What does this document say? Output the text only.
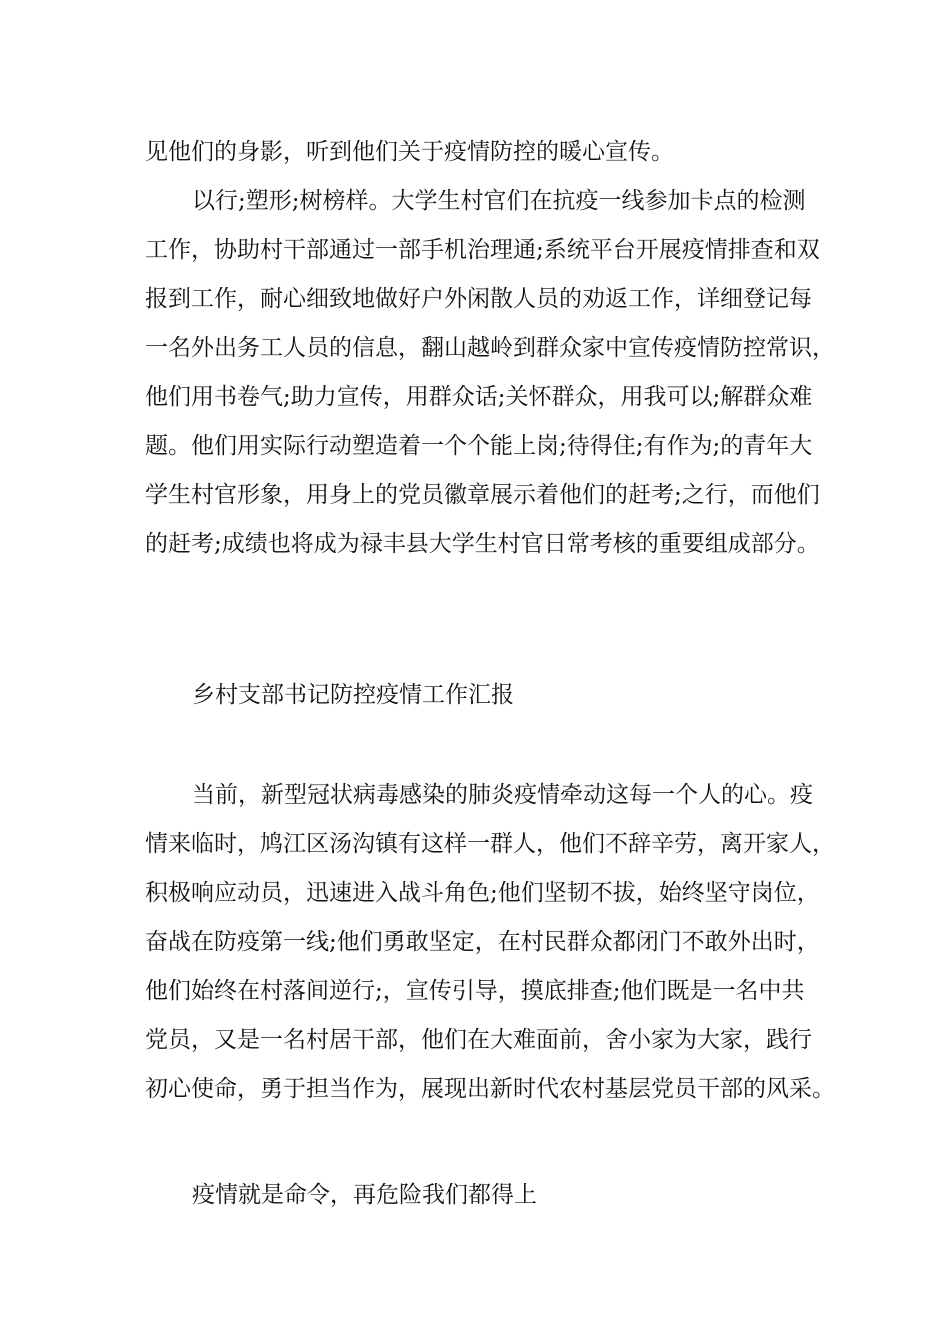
见他们的身影，听到他们关于疫情防控的暖心宣传。
以行;塑形;树榜样。大学生村官们在抗疫一线参加卡点的检测
工作，协助村干部通过一部手机治理通;系统平台开展疫情排查和双
报到工作，耐心细致地做好户外闲散人员的劝返工作，详细登记每
一名外出务工人员的信息，翻山越岭到群众家中宣传疫情防控常识，
他们用书卷气;助力宣传，用群众话;关怀群众，用我可以;解群众难
题。他们用实际行动塑造着一个个能上岗;待得住;有作为;的青年大
学生村官形象，用身上的党员徽章展示着他们的赶考;之行，而他们
的赶考;成绩也将成为禄丰县大学生村官日常考核的重要组成部分。
乡村支部书记防控疫情工作汇报
当前，新型冠状病毒感染的肺炎疫情牵动这每一个人的心。疫
情来临时，鸠江区汤沟镇有这样一群人，他们不辞辛劳，离开家人，
积极响应动员，迅速进入战斗角色;他们坚韧不拔，始终坚守岗位，
奋战在防疫第一线;他们勇敢坚定，在村民群众都闭门不敢外出时，
他们始终在村落间逆行;，宣传引导，摸底排查;他们既是一名中共
党员，又是一名村居干部，他们在大难面前，舍小家为大家，践行
初心使命，勇于担当作为，展现出新时代农村基层党员干部的风采。
疫情就是命令，再危险我们都得上
